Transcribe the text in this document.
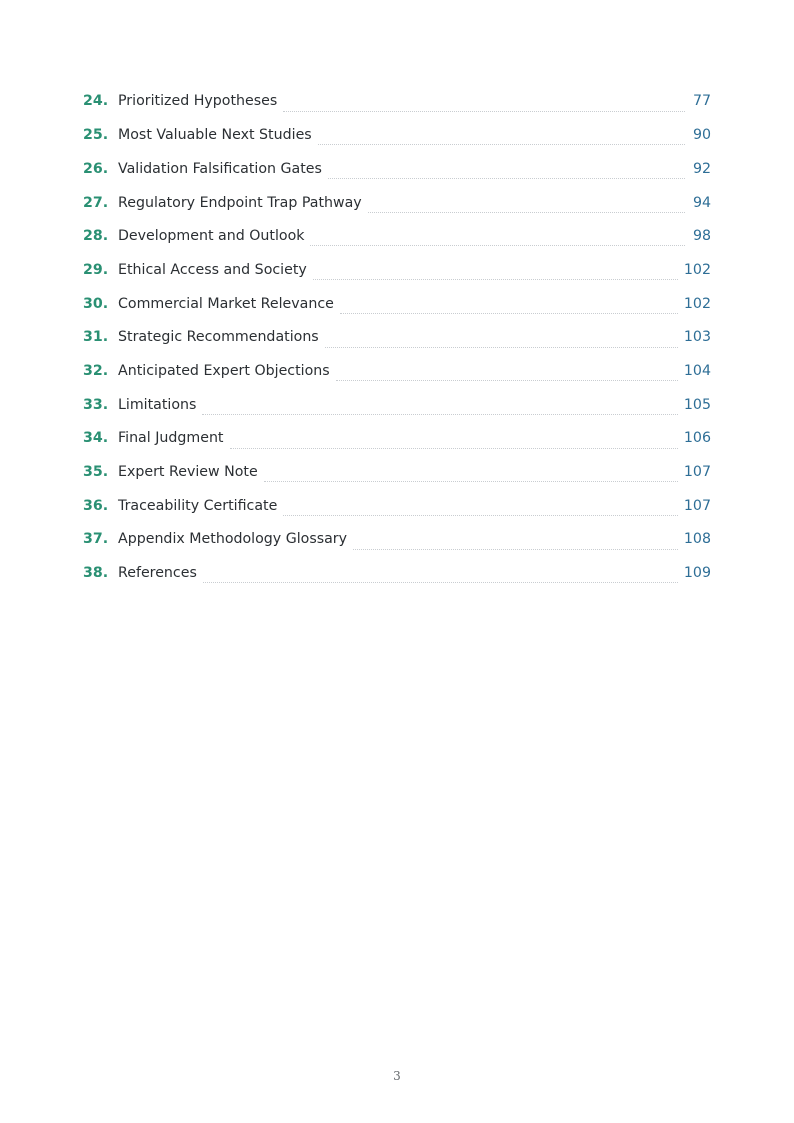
24. Prioritized Hypotheses	77
25. Most Valuable Next Studies	90
26. Validation Falsification Gates	92
27. Regulatory Endpoint Trap Pathway	94
28. Development and Outlook	98
29. Ethical Access and Society	102
30. Commercial Market Relevance	102
31. Strategic Recommendations	103
32. Anticipated Expert Objections	104
33. Limitations	105
34. Final Judgment	106
35. Expert Review Note	107
36. Traceability Certificate	107
37. Appendix Methodology Glossary	108
38. References	109
3
